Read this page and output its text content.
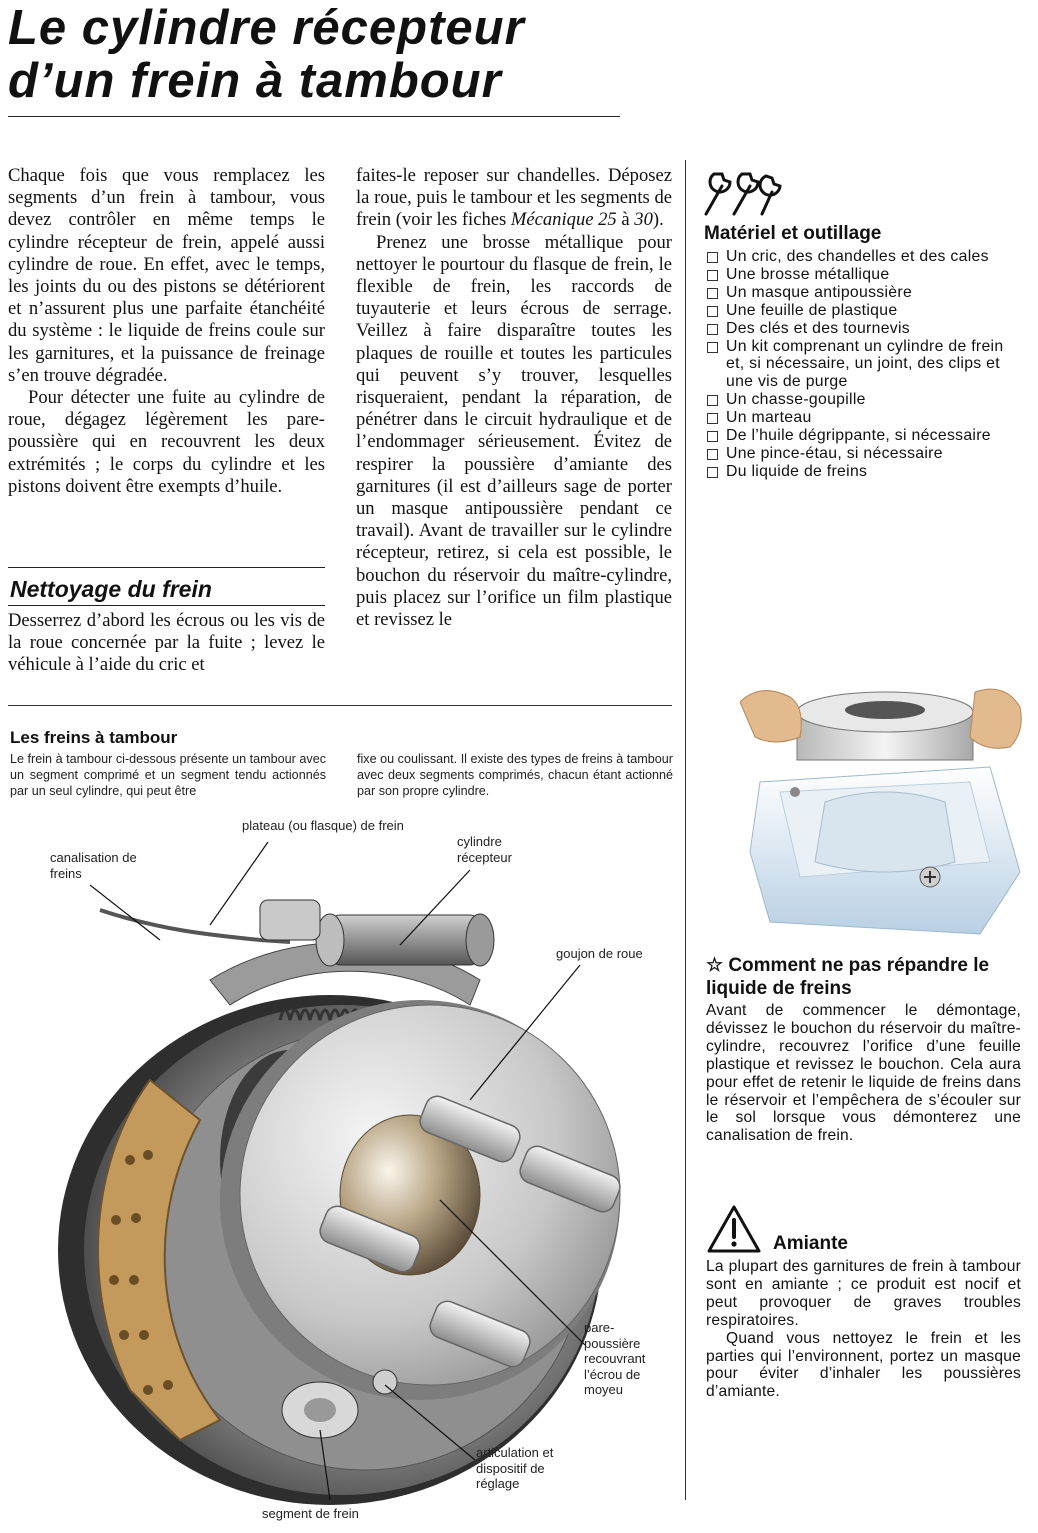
Le cylindre récepteur
d’un frein à tambour

Chaque fois que vous remplacez les segments d’un frein à tambour, vous devez contrôler en même temps le cylindre récepteur de frein, appelé aussi cylindre de roue. En effet, avec le temps, les joints du ou des pistons se détériorent et n’assurent plus une parfaite étanchéité du système : le liquide de freins coule sur les garnitures, et la puissance de freinage s’en trouve dégradée.

Pour détecter une fuite au cylindre de roue, dégagez légèrement les pare-poussière qui en recouvrent les deux extrémités ; le corps du cylindre et les pistons doivent être exempts d’huile.

Nettoyage du frein

Desserrez d’abord les écrous ou les vis de la roue concernée par la fuite ; levez le véhicule à l’aide du cric et

faites-le reposer sur chandelles. Déposez la roue, puis le tambour et les segments de frein (voir les fiches Mécanique 25 à 30).

Prenez une brosse métallique pour nettoyer le pourtour du flasque de frein, le flexible de frein, les raccords de tuyauterie et leurs écrous de serrage. Veillez à faire disparaître toutes les plaques de rouille et toutes les particules qui peuvent s’y trouver, lesquelles risqueraient, pendant la réparation, de pénétrer dans le circuit hydraulique et de l’endommager sérieusement. Évitez de respirer la poussière d’amiante des garnitures (il est d’ailleurs sage de porter un masque antipoussière pendant ce travail). Avant de travailler sur le cylindre récepteur, retirez, si cela est possible, le bouchon du réservoir du maître-cylindre, puis placez sur l’orifice un film plastique et revissez le

Matériel et outillage
Un cric, des chandelles et des cales
Une brosse métallique
Un masque antipoussière
Une feuille de plastique
Des clés et des tournevis
Un kit comprenant un cylindre de frein et, si nécessaire, un joint, des clips et une vis de purge
Un chasse-goupille
Un marteau
De l’huile dégrippante, si nécessaire
Une pince-étau, si nécessaire
Du liquide de freins
☆ Comment ne pas répandre le liquide de freins

Avant de commencer le démontage, dévissez le bouchon du réservoir du maître-cylindre, recouvrez l’orifice d’une feuille plastique et revissez le bouchon. Cela aura pour effet de retenir le liquide de freins dans le réservoir et l’empêchera de s’écouler sur le sol lorsque vous démonterez une canalisation de frein.

Amiante

La plupart des garnitures de frein à tambour sont en amiante ; ce produit est nocif et peut provoquer de graves troubles respiratoires.

Quand vous nettoyez le frein et les parties qui l’environnent, portez un masque pour éviter d’inhaler les poussières d’amiante.

Les freins à tambour

Le frein à tambour ci-dessous présente un tambour avec un segment comprimé et un segment tendu actionnés par un seul cylindre, qui peut être

fixe ou coulissant. Il existe des types de freins à tambour avec deux segments comprimés, chacun étant actionné par son propre cylindre.

plateau (ou flasque) de frein

canalisation de freins

cylindre récepteur

goujon de roue

pare-poussière recouvrant l’écrou de moyeu

articulation et dispositif de réglage

segment de frein
